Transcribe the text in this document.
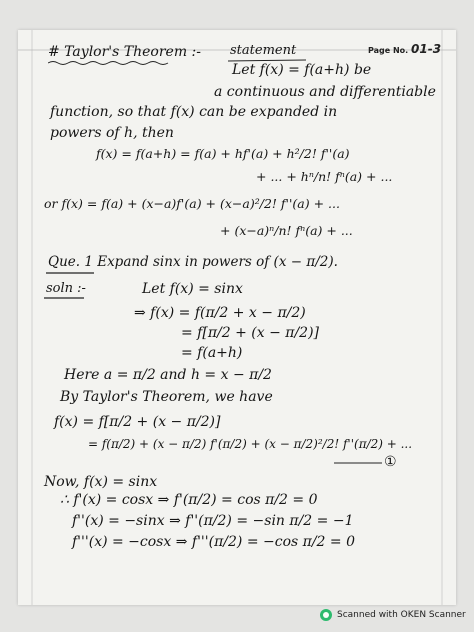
Page No. 01-3
# Taylor's Theorem :- statement
Let f(x) = f(a+h) be
a continuous and differentiable
function, so that f(x) can be expanded in
powers of h, then
f(x) = f(a+h) = f(a) + hf'(a) + h²/2! f''(a)
+ ... + hⁿ/n! fⁿ(a) + ...
or f(x) = f(a) + (x−a)f'(a) + (x−a)²/2! f''(a) + ...
+ (x−a)ⁿ/n! fⁿ(a) + ...
Que. 1 Expand sinx in powers of (x − π/2).
soln :-	Let f(x) = sinx
⇒ f(x) = f(π/2 + x − π/2)
= f[π/2 + (x − π/2)]
= f(a+h)
Here a = π/2 and h = x − π/2
By Taylor's Theorem, we have
f(x) = f[π/2 + (x − π/2)]
= f(π/2) + (x − π/2) f'(π/2) + (x − π/2)²/2! f''(π/2) + ...
①
Now, f(x) = sinx
∴ f'(x) = cosx ⇒ f'(π/2) = cos π/2 = 0
f''(x) = −sinx ⇒ f''(π/2) = −sin π/2 = −1
f'''(x) = −cosx ⇒ f'''(π/2) = −cos π/2 = 0
Scanned with OKEN Scanner
